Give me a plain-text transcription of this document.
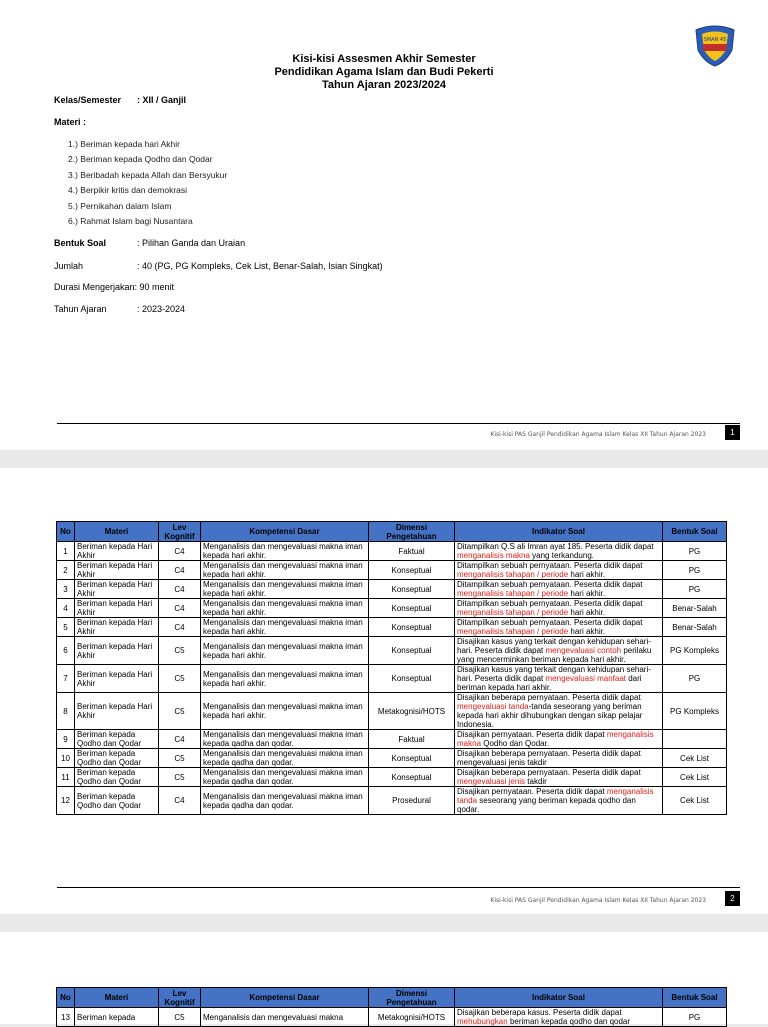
SMAN 45
Kisi-kisi Assesmen Akhir Semester
Pendidikan Agama Islam dan Budi Pekerti
Tahun Ajaran 2023/2024
Kelas/Semester : XII / Ganjil
Materi :
1.) Beriman kepada hari Akhir
2.) Beriman kepada Qodho dan Qodar
3.) Beribadah kepada Allah dan Bersyukur
4.) Berpikir kritis dan demokrasi
5.) Pernikahan dalam Islam
6.) Rahmat Islam bagi Nusantara
Bentuk Soal	: Pilihan Ganda dan Uraian
Jumlah	: 40 (PG, PG Kompleks, Cek List, Benar-Salah, Isian Singkat)
Durasi Mengerjakan: 90 menit
Tahun Ajaran	: 2023-2024
Kisi-kisi PAS Ganjil Pendidikan Agama Islam Kelas XII Tahun Ajaran 2023	1
No	Materi	Lev Kognitif	Kompetensi Dasar	Dimensi Pengetahuan	Indikator Soal	Bentuk Soal
1	Beriman kepada Hari Akhir	C4	Menganalisis dan mengevaluasi makna iman kepada hari akhir.	Faktual	Ditampilkan Q.S ali Imran ayat 185. Peserta didik dapat menganalisis makna yang terkandung.	PG
2	Beriman kepada Hari Akhir	C4	Menganalisis dan mengevaluasi makna iman kepada hari akhir.	Konseptual	Ditampilkan sebuah pernyataan. Peserta didik dapat menganalisis tahapan / periode hari akhir.	PG
3	Beriman kepada Hari Akhir	C4	Menganalisis dan mengevaluasi makna iman kepada hari akhir.	Konseptual	Ditampilkan sebuah pernyataan. Peserta didik dapat menganalisis tahapan / periode hari akhir.	PG
4	Beriman kepada Hari Akhir	C4	Menganalisis dan mengevaluasi makna iman kepada hari akhir.	Konseptual	Ditampilkan sebuah pernyataan. Peserta didik dapat menganalisis tahapan / periode hari akhir.	Benar-Salah
5	Beriman kepada Hari Akhir	C4	Menganalisis dan mengevaluasi makna iman kepada hari akhir.	Konseptual	Ditampilkan sebuah pernyataan. Peserta didik dapat menganalisis tahapan / periode hari akhir.	Benar-Salah
6	Beriman kepada Hari Akhir	C5	Menganalisis dan mengevaluasi makna iman kepada hari akhir.	Konseptual	Disajikan kasus yang terkait dengan kehidupan sehari-hari. Peserta didik dapat mengevaluasi contoh perilaku yang mencerminkan beriman kepada hari akhir.	PG Kompleks
7	Beriman kepada Hari Akhir	C5	Menganalisis dan mengevaluasi makna iman kepada hari akhir.	Konseptual	Disajikan kasus yang terkait dengan kehidupan sehari-hari. Peserta didik dapat mengevaluasi manfaat dari beriman kepada hari akhir.	PG
8	Beriman kepada Hari Akhir	C5	Menganalisis dan mengevaluasi makna iman kepada hari akhir.	Metakognisi/HOTS	Disajikan beberapa pernyataan. Peserta didik dapat mengevaluasi tanda-tanda seseorang yang beriman kepada hari akhir dihubungkan dengan sikap pelajar Indonesia.	PG Kompleks
9	Beriman kepada Qodho dan Qodar	C4	Menganalisis dan mengevaluasi makna iman kepada qadha dan qodar.	Faktual	Disajikan pernyataan. Peserta didik dapat menganalisis makna Qodho dan Qodar.	
10	Beriman kepada Qodho dan Qodar	C5	Menganalisis dan mengevaluasi makna iman kepada qadha dan qodar.	Konseptual	Disajikan beberapa pernyataan. Peserta didik dapat mengevaluasi jenis takdir	Cek List
11	Beriman kepada Qodho dan Qodar	C5	Menganalisis dan mengevaluasi makna iman kepada qadha dan qodar.	Konseptual	Disajikan beberapa pernyataan. Peserta didik dapat mengevaluasi jenis takdir	Cek List
12	Beriman kepada Qodho dan Qodar	C4	Menganalisis dan mengevaluasi makna iman kepada qadha dan qodar.	Prosedural	Disajikan pernyataan. Peserta didik dapat menganalisis tanda seseorang yang beriman kepada qodho dan qodar.	Cek List
Kisi-kisi PAS Ganjil Pendidikan Agama Islam Kelas XII Tahun Ajaran 2023	2
No	Materi	Lev Kognitif	Kompetensi Dasar	Dimensi Pengetahuan	Indikator Soal	Bentuk Soal
13	Beriman kepada	C5	Menganalisis dan mengevaluasi makna	Metakognisi/HOTS	Disajikan beberapa kasus. Peserta didik dapat mehubungkan beriman kepada qodho dan qodar	PG
